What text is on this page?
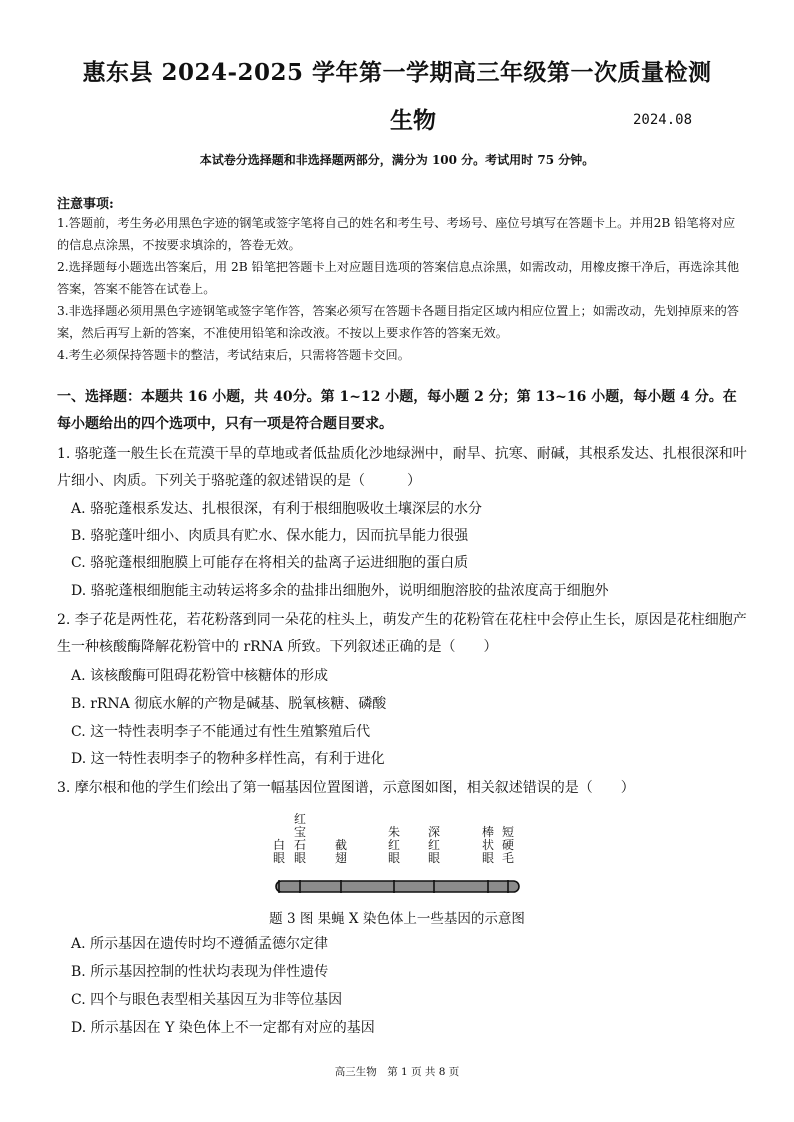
惠东县 2024-2025 学年第一学期高三年级第一次质量检测
生物	2024.08
本试卷分选择题和非选择题两部分，满分为 100 分。考试用时 75 分钟。
注意事项:
1.答题前，考生务必用黑色字迹的钢笔或签字笔将自己的姓名和考生号、考场号、座位号填写在答题卡上。并用2B 铅笔将对应的信息点涂黑，不按要求填涂的，答卷无效。
2.选择题每小题选出答案后，用 2B 铅笔把答题卡上对应题目选项的答案信息点涂黑，如需改动，用橡皮擦干净后，再选涂其他答案，答案不能答在试卷上。
3.非选择题必须用黑色字迹钢笔或签字笔作答，答案必须写在答题卡各题目指定区域内相应位置上；如需改动，先划掉原来的答案，然后再写上新的答案，不准使用铅笔和涂改液。不按以上要求作答的答案无效。
4.考生必须保持答题卡的整洁，考试结束后，只需将答题卡交回。
一、选择题：本题共 16 小题，共 40分。第 1~12 小题，每小题 2 分；第 13~16 小题，每小题 4 分。在每小题给出的四个选项中，只有一项是符合题目要求。
1. 骆驼蓬一般生长在荒漠干旱的草地或者低盐质化沙地绿洲中，耐旱、抗寒、耐碱，其根系发达、扎根很深和叶片细小、肉质。下列关于骆驼蓬的叙述错误的是（　　　）
A. 骆驼蓬根系发达、扎根很深，有利于根细胞吸收土壤深层的水分
B. 骆驼蓬叶细小、肉质具有贮水、保水能力，因而抗旱能力很强
C. 骆驼蓬根细胞膜上可能存在将相关的盐离子运进细胞的蛋白质
D. 骆驼蓬根细胞能主动转运将多余的盐排出细胞外，说明细胞溶胶的盐浓度高于细胞外
2. 李子花是两性花，若花粉落到同一朵花的柱头上，萌发产生的花粉管在花柱中会停止生长，原因是花柱细胞产生一种核酸酶降解花粉管中的 rRNA 所致。下列叙述正确的是（　　）
A. 该核酸酶可阻碍花粉管中核糖体的形成
B. rRNA 彻底水解的产物是碱基、脱氧核糖、磷酸
C. 这一特性表明李子不能通过有性生殖繁殖后代
D. 这一特性表明李子的物种多样性高，有利于进化
3. 摩尔根和他的学生们绘出了第一幅基因位置图谱，示意图如图，相关叙述错误的是（　　）
白
眼
红
宝
石
眼
截
翅
朱
红
眼
深
红
眼
棒
状
眼
短
硬
毛
题 3 图 果蝇 X 染色体上一些基因的示意图
A. 所示基因在遗传时均不遵循孟德尔定律
B. 所示基因控制的性状均表现为伴性遗传
C. 四个与眼色表型相关基因互为非等位基因
D. 所示基因在 Y 染色体上不一定都有对应的基因
高三生物　第 1 页 共 8 页
